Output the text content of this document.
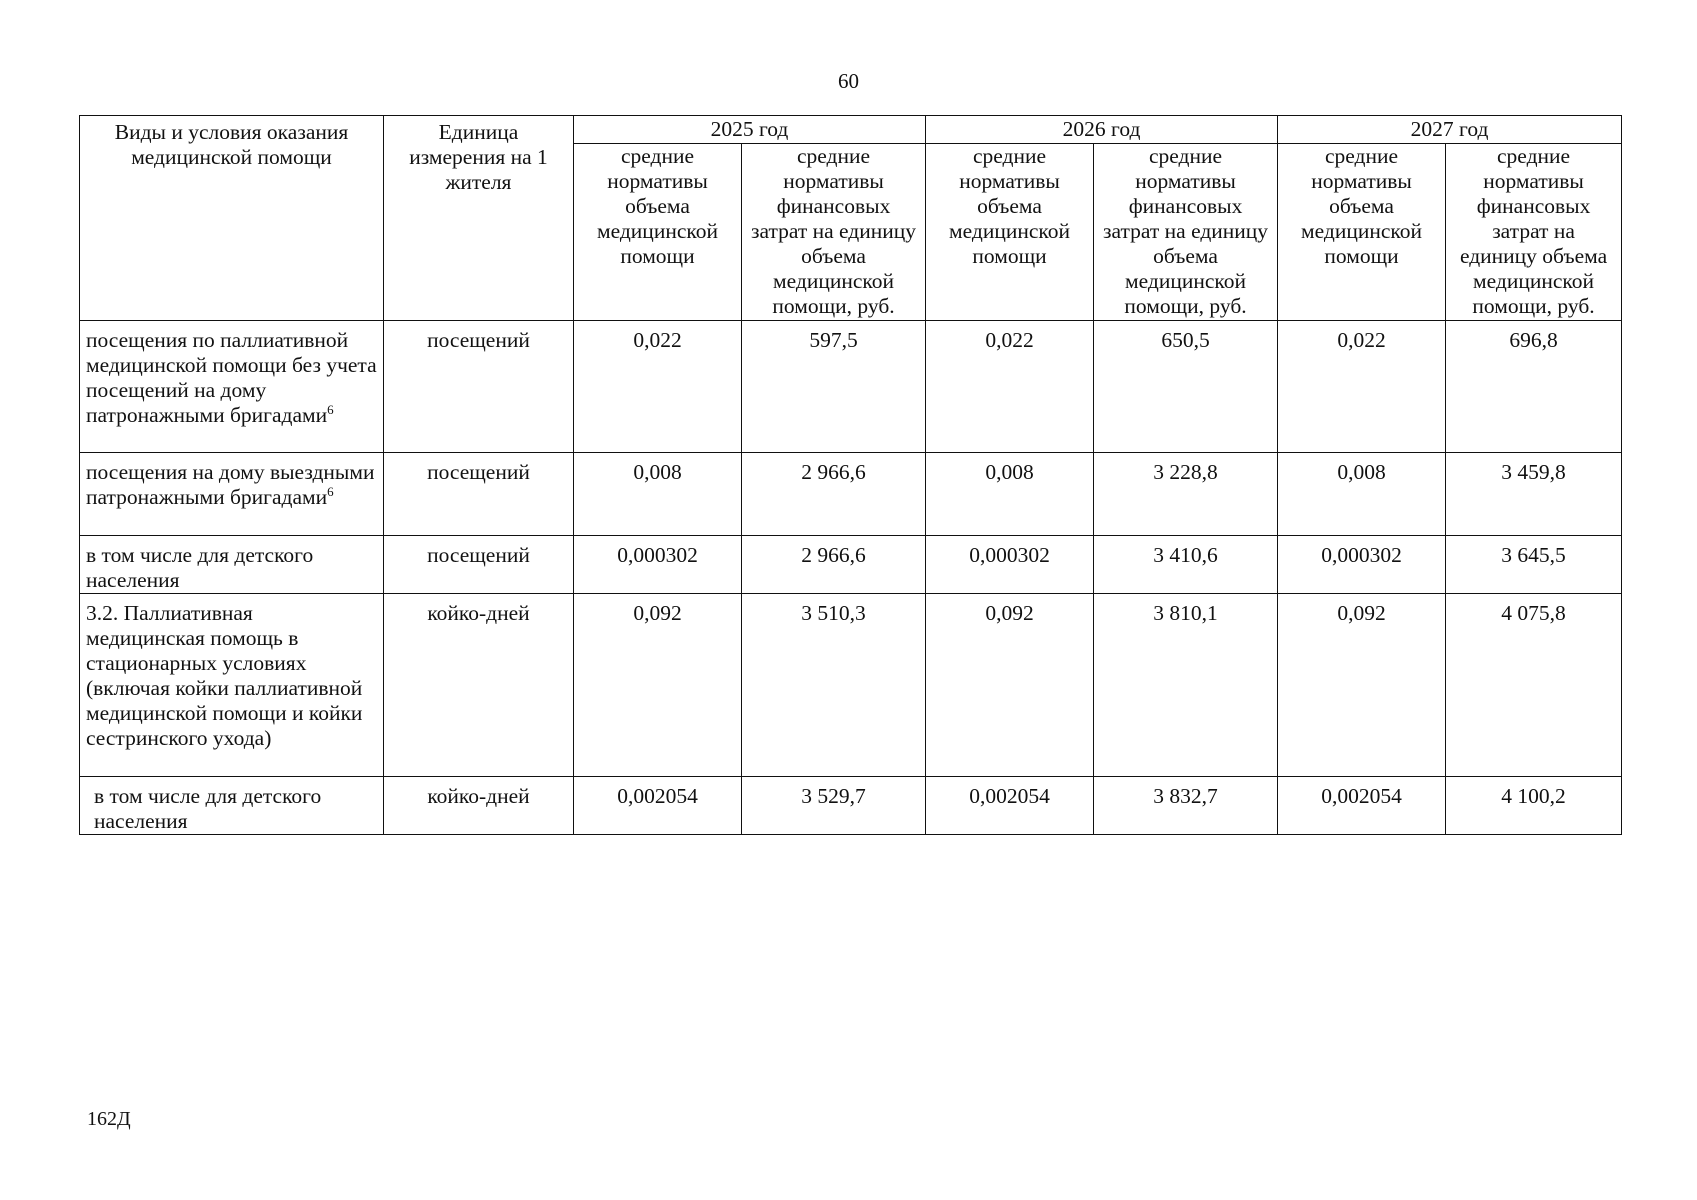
60
Виды и условия оказания медицинской помощи	Единица измерения на 1 жителя	2025 год		2026 год		2027 год	
		средние нормативы объема медицинской помощи	средние нормативы финансовых затрат на единицу объема медицинской помощи, руб.	средние нормативы объема медицинской помощи	средние нормативы финансовых затрат на единицу объема медицинской помощи, руб.	средние нормативы объема медицинской помощи	средние нормативы финансовых затрат на единицу объема медицинской помощи, руб.
посещения по паллиативной медицинской помощи без учета посещений на дому патронажными бригадами$^6$	посещений	0,022	597,5	0,022	650,5	0,022	696,8
посещения на дому выездными патронажными бригадами$^6$	посещений	0,008	2 966,6	0,008	3 228,8	0,008	3 459,8
в том числе для детского населения	посещений	0,000302	2 966,6	0,000302	3 410,6	0,000302	3 645,5
3.2. Паллиативная медицинская помощь в стационарных условиях (включая койки паллиативной медицинской помощи и койки сестринского ухода)	койко-дней	0,092	3 510,3	0,092	3 810,1	0,092	4 075,8
в том числе для детского населения	койко-дней	0,002054	3 529,7	0,002054	3 832,7	0,002054	4 100,2
162Д
